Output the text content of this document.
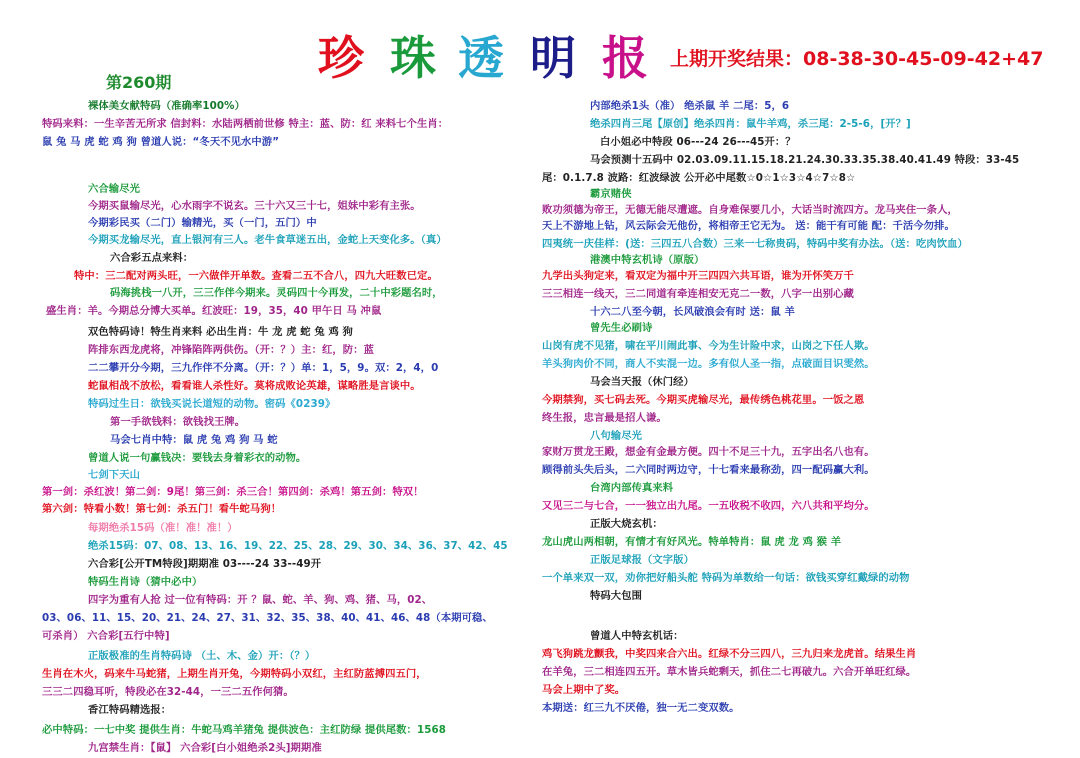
珍 珠 透 明 报 上期开奖结果：08-38-30-45-09-42+47
第260期
裸体美女献特码（准确率100%）
特码来料：一生辛苦无所求 信封料：水陆两栖前世修 特主：蓝、防：红 来料七个生肖：
鼠 兔 马 虎 蛇 鸡 狗 曾道人说：“冬天不见水中游”
六合输尽光
今期买鼠输尽光，心水雨字不说玄。三十六又三十七，姐妹中彩有主张。
今期彩民买（二门）输精光，买（一门，五门）中
今期买龙输尽光，直上银河有三人。老牛食草迷五出，金蛇上天变化多。（真）
六合彩五点来料：
特中：三二配对两头旺，一六做伴开单数。查看二五不合八，四九大旺数已定。
码海挑栈一八开，三三作伴今期来。灵码四十今再发，二十中彩题名时，
盛生肖：羊。今期总分博大买单。红波旺：19，35，40 甲午日 马 冲鼠
双色特码诗！特生肖来料 必出生肖：牛 龙 虎 蛇 兔 鸡 狗
阵排东西龙虎将，冲锋陷阵两供伤。（开：？）主：红，防：蓝
二二攀开分今期，三九作伴不分离。（开：？）单：1，5，9。双：2，4，0
蛇鼠相战不放松，看看谁人杀性好。莫将成败论英雄，谋略胜是言谈中。
特码过生日：欲钱买说长道短的动物。密码《0239》
第一手欲钱料：欲钱找王牌。
马会七肖中特：鼠 虎 兔 鸡 狗 马 蛇
曾道人说一句赢钱决：要钱去身着彩衣的动物。
七剑下天山
第一剑：杀红波！第二剑：9尾！第三剑：杀三合！第四剑：杀鸡！第五剑：特双！
第六剑：特看小数！第七剑：杀五门！看牛蛇马狗！
每期绝杀15码（准！准！准！）
绝杀15码：07、08、13、16、19、22、25、28、29、30、34、36、37、42、45
六合彩[公开TM特段]期期准 03----24 33--49开
特码生肖诗（猜中必中）
四字为重有人抢 过一位有特码：开 ？鼠、蛇、羊、狗、鸡、猪、马，02、
03、06、11、15、20、21、24、27、31、32、35、38、40、41、46、48（本期可稳、
可杀肖） 六合彩[五行中特]
正版极准的生肖特码诗 （土、木、金）开：（？）
生肖在木火，码来牛马蛇猪，上期生肖开兔，今期特码小双红，主红防蓝搏四五门，
三三二四稳耳听，特段必在32-44，一三二五作何猜。
香江特码精选报：
必中特码：一七中奖 提供生肖：牛蛇马鸡羊猪兔 提供波色：主红防绿 提供尾数：1568
九宫禁生肖：【鼠】 六合彩[白小姐绝杀2头]期期准
内部绝杀1头（准） 绝杀鼠 羊 二尾：5，6
绝杀四肖三尾【原创】绝杀四肖：鼠牛羊鸡，杀三尾：2-5-6，[开？]
白小姐必中特段 06---24 26---45开：？
马会预测十五码中 02.03.09.11.15.18.21.24.30.33.35.38.40.41.49 特段：33-45
尾：0.1.7.8 波路：红波绿波 公开必中尾数☆0☆1☆3☆4☆7☆8☆
霸京赌侠
败功须德为帝王，无德无能尽遭遮。自身难保要几小，大话当时流四方。龙马夹住一条人，
天上不游地上钻，风云际会无他份，将相帝王它无为。 送：能干有可能 配：千活今勿排。
四夷统一庆佳样：(送：三四五八合数）三来一七称贵码，特码中奖有办法。（送：吃肉饮血）
港澳中特玄机诗（原版）
九学出头狗定来，看双定为福中开三四四六共耳语，谁为开怀笑万千
三三相连一线天，三二同道有牵连相安无克二一数，八字一出别心藏
十六二八至今朝，长风破浪会有时 送：鼠 羊
曾先生必刷诗
山岗有虎不见猪，啸在平川闹此事、今为生计险中求，山岗之下任人欺。
羊头狗肉价不同，商人不实混一边。多有似人圣一指，点破面目识雯然。
马会当天报（休门经）
今期禁狗，买七码去死。今期买虎输尽光，最传绣色桃花里。一饭之恩
终生报，忠言最是招人谦。
八句输尽光
家财万贯龙王殿，想金有金最方便。四十不足三十九，五字出名八也有。
顾得前头失后头，二六同时两边守，十七看来最称劲，四一配码赢大利。
台湾内部传真来料
又见三二与七合，一一独立出九尾。一五收税不收四，六八共和平均分。
正版大烧玄机：
龙山虎山两相朝，有情才有好风光。特单特肖：鼠 虎 龙 鸡 猴 羊
正版足球报（文字版）
一个单来双一双，劝你把好船头舵 特码为单数给一句话：欲钱买穿红戴绿的动物
特码大包围
曾道人中特玄机话：
鸡飞狗跳龙颤我，中奖四来合六出。红绿不分三四八，三九归来龙虎首。结果生肖
在羊兔，三二相连四五开。草木皆兵蛇剩天，抓住二七再破九。六合开单旺红绿。
马会上期中了奖。
本期送：红三九不厌倦，独一无二变双数。
